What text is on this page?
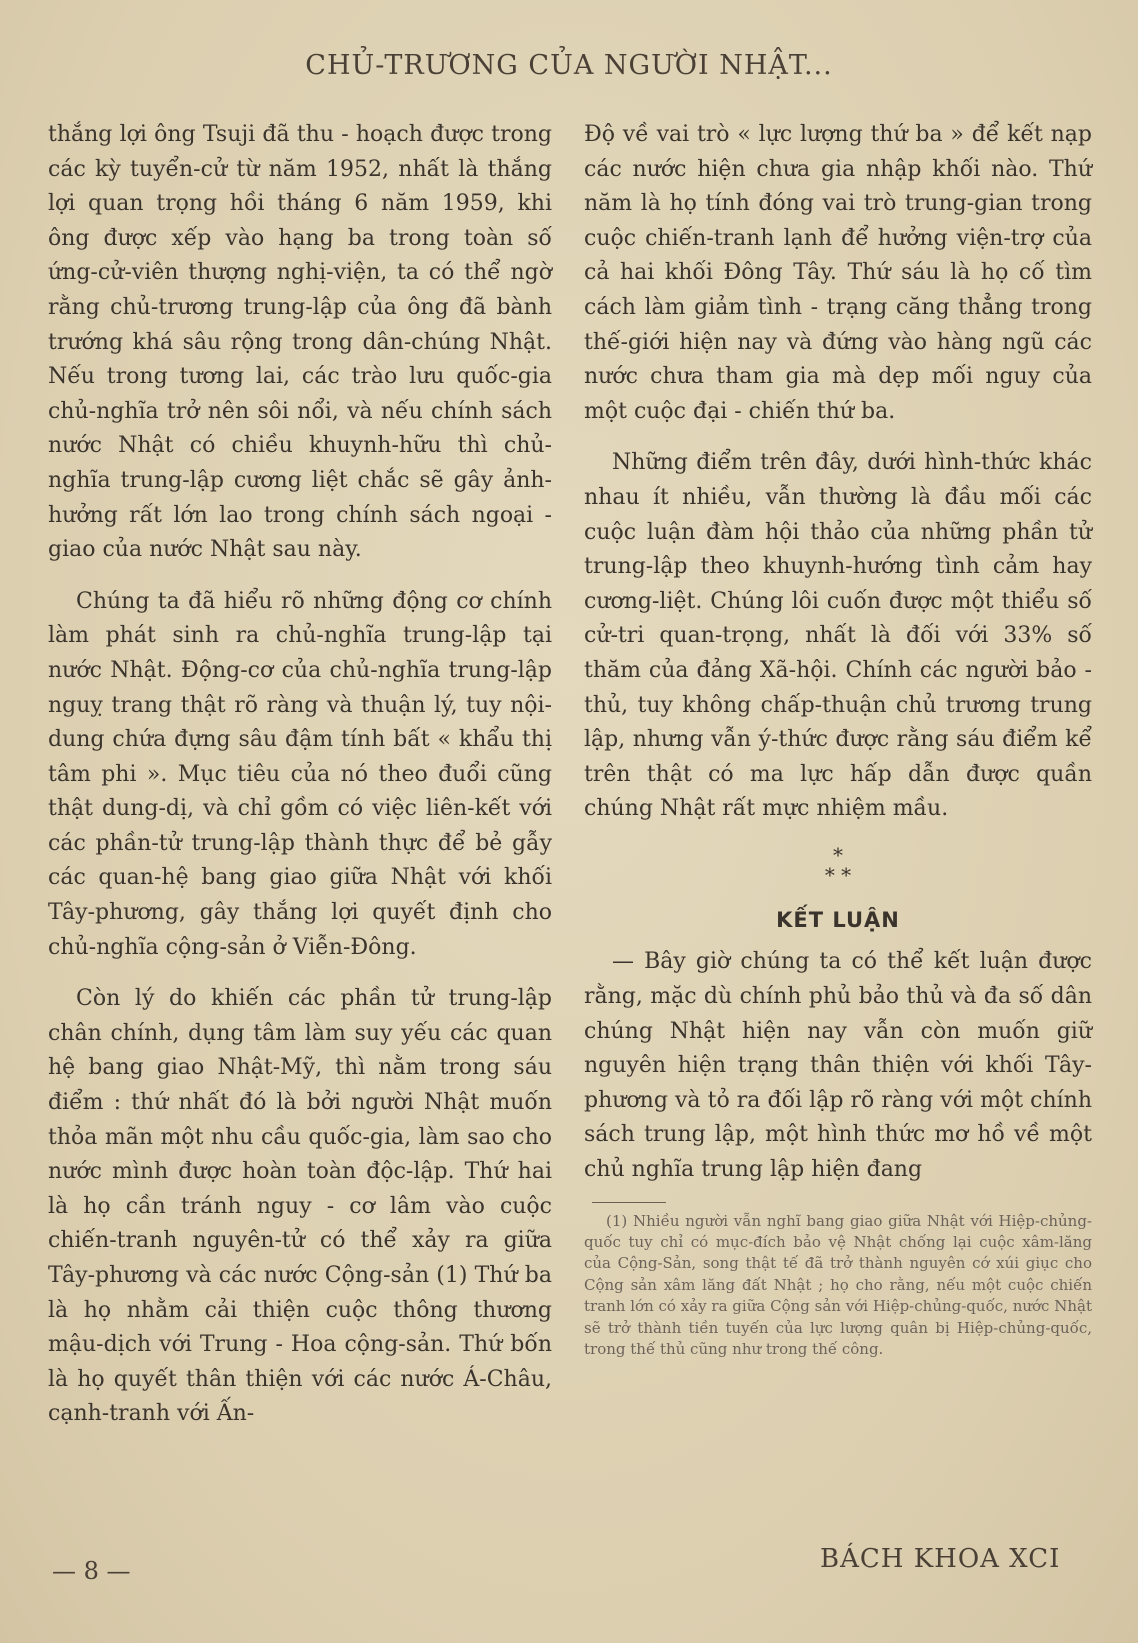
CHỦ-TRƯƠNG CỦA NGƯỜI NHẬT...

thắng lợi ông Tsuji đã thu - hoạch được trong các kỳ tuyển-cử từ năm 1952, nhất là thắng lợi quan trọng hồi tháng 6 năm 1959, khi ông được xếp vào hạng ba trong toàn số ứng-cử-viên thượng nghị-viện, ta có thể ngờ rằng chủ-trương trung-lập của ông đã bành trướng khá sâu rộng trong dân-chúng Nhật. Nếu trong tương lai, các trào lưu quốc-gia chủ-nghĩa trở nên sôi nổi, và nếu chính sách nước Nhật có chiều khuynh-hữu thì chủ-nghĩa trung-lập cương liệt chắc sẽ gây ảnh-hưởng rất lớn lao trong chính sách ngoại - giao của nước Nhật sau này.

Chúng ta đã hiểu rõ những động cơ chính làm phát sinh ra chủ-nghĩa trung-lập tại nước Nhật. Động-cơ của chủ-nghĩa trung-lập nguỵ trang thật rõ ràng và thuận lý, tuy nội-dung chứa đựng sâu đậm tính bất « khẩu thị tâm phi ». Mục tiêu của nó theo đuổi cũng thật dung-dị, và chỉ gồm có việc liên-kết với các phần-tử trung-lập thành thực để bẻ gẫy các quan-hệ bang giao giữa Nhật với khối Tây-phương, gây thắng lợi quyết định cho chủ-nghĩa cộng-sản ở Viễn-Đông.

Còn lý do khiến các phần tử trung-lập chân chính, dụng tâm làm suy yếu các quan hệ bang giao Nhật-Mỹ, thì nằm trong sáu điểm : thứ nhất đó là bởi người Nhật muốn thỏa mãn một nhu cầu quốc-gia, làm sao cho nước mình được hoàn toàn độc-lập. Thứ hai là họ cần tránh nguy - cơ lâm vào cuộc chiến-tranh nguyên-tử có thể xảy ra giữa Tây-phương và các nước Cộng-sản (1) Thứ ba là họ nhằm cải thiện cuộc thông thương mậu-dịch với Trung - Hoa cộng-sản. Thứ bốn là họ quyết thân thiện với các nước Á-Châu, cạnh-tranh với Ấn-

Độ về vai trò « lực lượng thứ ba » để kết nạp các nước hiện chưa gia nhập khối nào. Thứ năm là họ tính đóng vai trò trung-gian trong cuộc chiến-tranh lạnh để hưởng viện-trợ của cả hai khối Đông Tây. Thứ sáu là họ cố tìm cách làm giảm tình - trạng căng thẳng trong thế-giới hiện nay và đứng vào hàng ngũ các nước chưa tham gia mà dẹp mối nguy của một cuộc đại - chiến thứ ba.

Những điểm trên đây, dưới hình-thức khác nhau ít nhiều, vẫn thường là đầu mối các cuộc luận đàm hội thảo của những phần tử trung-lập theo khuynh-hướng tình cảm hay cương-liệt. Chúng lôi cuốn được một thiểu số cử-tri quan-trọng, nhất là đối với 33% số thăm của đảng Xã-hội. Chính các người bảo - thủ, tuy không chấp-thuận chủ trương trung lập, nhưng vẫn ý-thức được rằng sáu điểm kể trên thật có ma lực hấp dẫn được quần chúng Nhật rất mực nhiệm mầu.

*
* *
KẾT LUẬN

— Bây giờ chúng ta có thể kết luận được rằng, mặc dù chính phủ bảo thủ và đa số dân chúng Nhật hiện nay vẫn còn muốn giữ nguyên hiện trạng thân thiện với khối Tây-phương và tỏ ra đối lập rõ ràng với một chính sách trung lập, một hình thức mơ hồ về một chủ nghĩa trung lập hiện đang

(1) Nhiều người vẫn nghĩ bang giao giữa Nhật với Hiệp-chủng-quốc tuy chỉ có mục-đích bảo vệ Nhật chống lại cuộc xâm-lăng của Cộng-Sản, song thật tế đã trở thành nguyên cớ xúi giục cho Cộng sản xâm lăng đất Nhật ; họ cho rằng, nếu một cuộc chiến tranh lớn có xảy ra giữa Cộng sản với Hiệp-chủng-quốc, nước Nhật sẽ trở thành tiền tuyến của lực lượng quân bị Hiệp-chủng-quốc, trong thế thủ cũng như trong thế công.
— 8 —	BÁCH KHOA XCI
